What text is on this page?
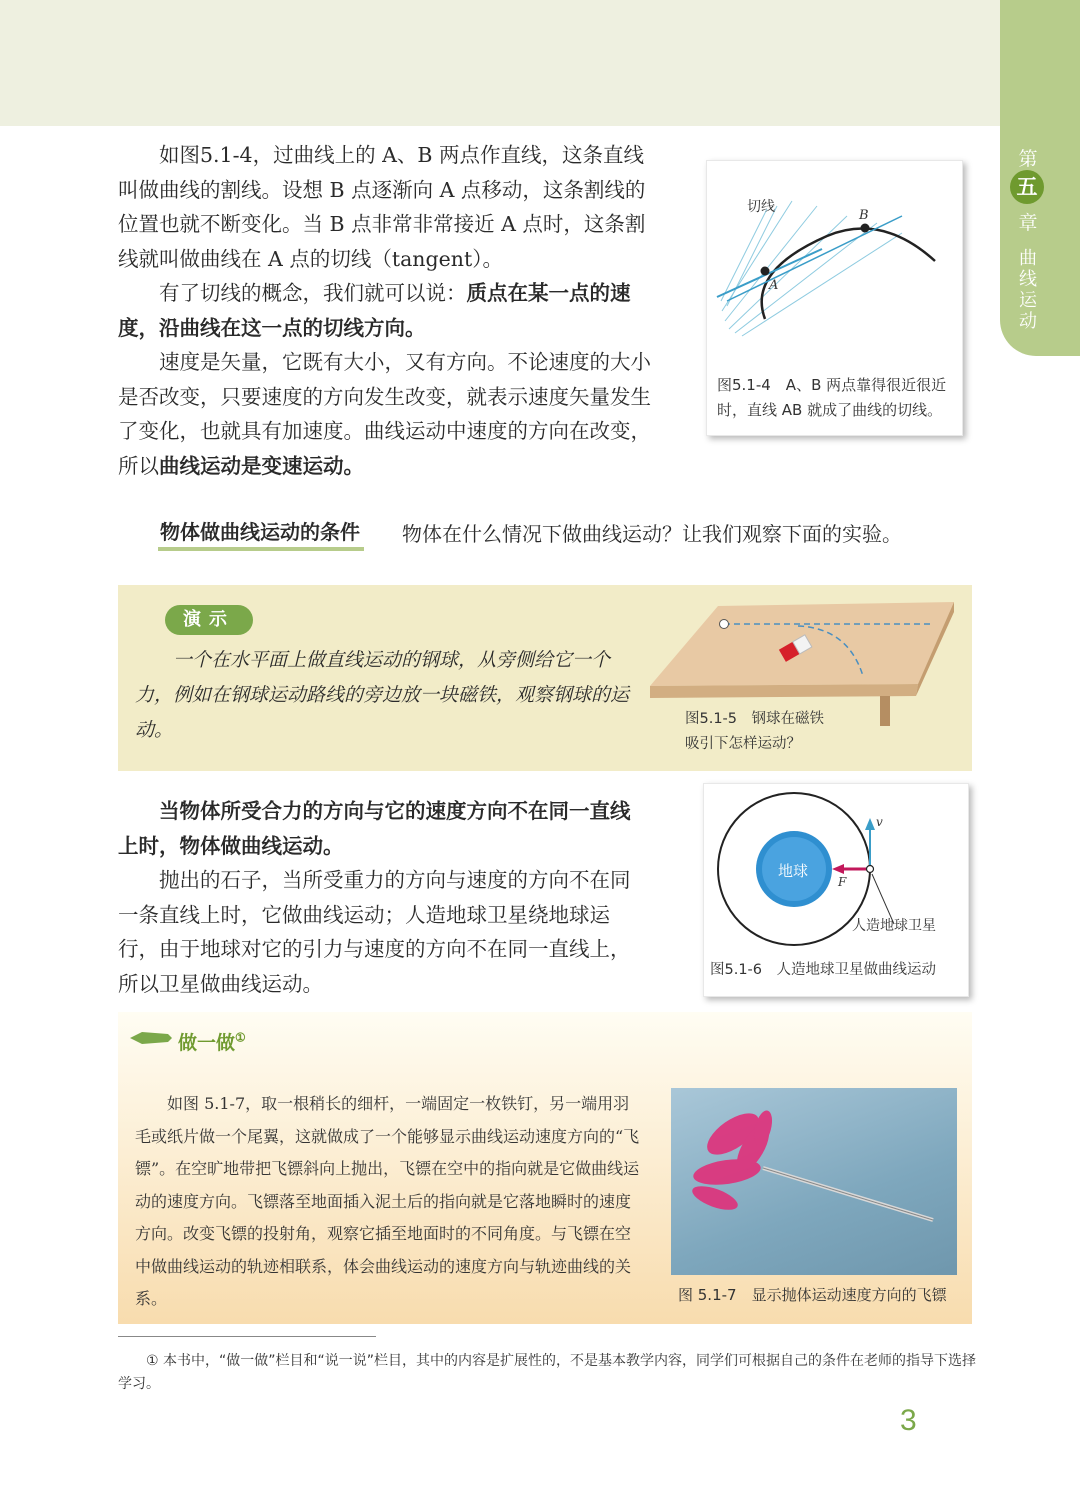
第
五
章
曲线运动

如图5.1-4，过曲线上的 A、B 两点作直线，这条直线叫做曲线的割线。设想 B 点逐渐向 A 点移动，这条割线的位置也就不断变化。当 B 点非常非常接近 A 点时，这条割线就叫做曲线在 A 点的切线（tangent）。

有了切线的概念，我们就可以说：质点在某一点的速度，沿曲线在这一点的切线方向。

速度是矢量，它既有大小，又有方向。不论速度的大小是否改变，只要速度的方向发生改变，就表示速度矢量发生了变化，也就具有加速度。曲线运动中速度的方向在改变，所以曲线运动是变速运动。

切线
A
B
图5.1-4　A、B 两点靠得很近很近时，直线 AB 就成了曲线的切线。
物体做曲线运动的条件 物体在什么情况下做曲线运动？让我们观察下面的实验。
演示

一个在水平面上做直线运动的钢球，从旁侧给它一个力，例如在钢球运动路线的旁边放一块磁铁，观察钢球的运动。	图5.1-5　钢球在磁铁吸引下怎样运动？

当物体所受合力的方向与它的速度方向不在同一直线上时，物体做曲线运动。

抛出的石子，当所受重力的方向与速度的方向不在同一条直线上时，它做曲线运动；人造地球卫星绕地球运行，由于地球对它的引力与速度的方向不在同一直线上，所以卫星做曲线运动。

地球
v
F
人造地球卫星
图5.1-6　人造地球卫星做曲线运动
做一做①

如图 5.1-7，取一根稍长的细杆，一端固定一枚铁钉，另一端用羽毛或纸片做一个尾翼，这就做成了一个能够显示曲线运动速度方向的“飞镖”。在空旷地带把飞镖斜向上抛出，飞镖在空中的指向就是它做曲线运动的速度方向。飞镖落至地面插入泥土后的指向就是它落地瞬时的速度方向。改变飞镖的投射角，观察它插至地面时的不同角度。与飞镖在空中做曲线运动的轨迹相联系，体会曲线运动的速度方向与轨迹曲线的关系。	图 5.1-7　显示抛体运动速度方向的飞镖

① 本书中，“做一做”栏目和“说一说”栏目，其中的内容是扩展性的，不是基本教学内容，同学们可根据自己的条件在老师的指导下选择学习。

3
